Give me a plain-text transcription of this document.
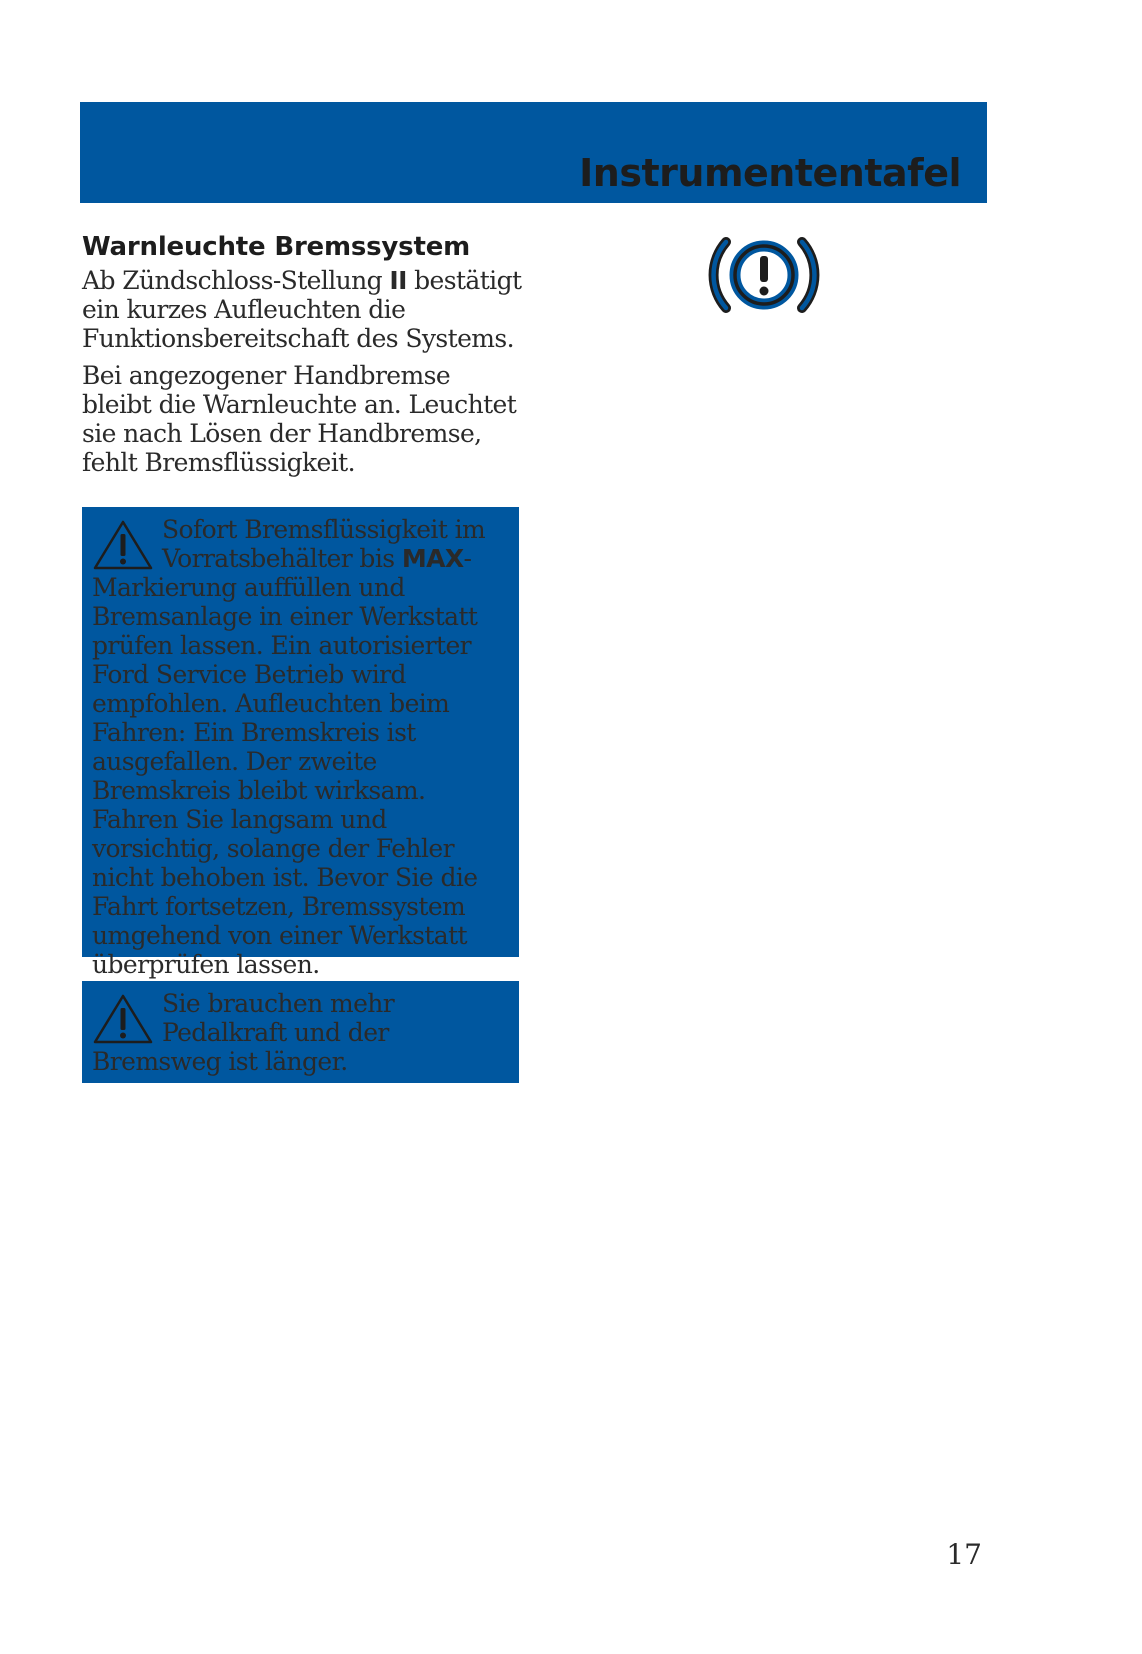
Instrumententafel
Warnleuchte Bremssystem

Ab Zündschloss-Stellung II bestätigt ein kurzes Aufleuchten die Funktionsbereitschaft des Systems.

Bei angezogener Handbremse bleibt die Warnleuchte an. Leuchtet sie nach Lösen der Handbremse, fehlt Bremsflüssigkeit.

Sofort Bremsflüssigkeit im Vorratsbehälter bis MAX-Markierung auffüllen und Bremsanlage in einer Werkstatt prüfen lassen. Ein autorisierter Ford Service Betrieb wird empfohlen. Aufleuchten beim Fahren: Ein Bremskreis ist ausgefallen. Der zweite Bremskreis bleibt wirksam. Fahren Sie langsam und vorsichtig, solange der Fehler nicht behoben ist. Bevor Sie die Fahrt fortsetzen, Bremssystem umgehend von einer Werkstatt überprüfen lassen.
Sie brauchen mehr Pedalkraft und der Bremsweg ist länger.
17
